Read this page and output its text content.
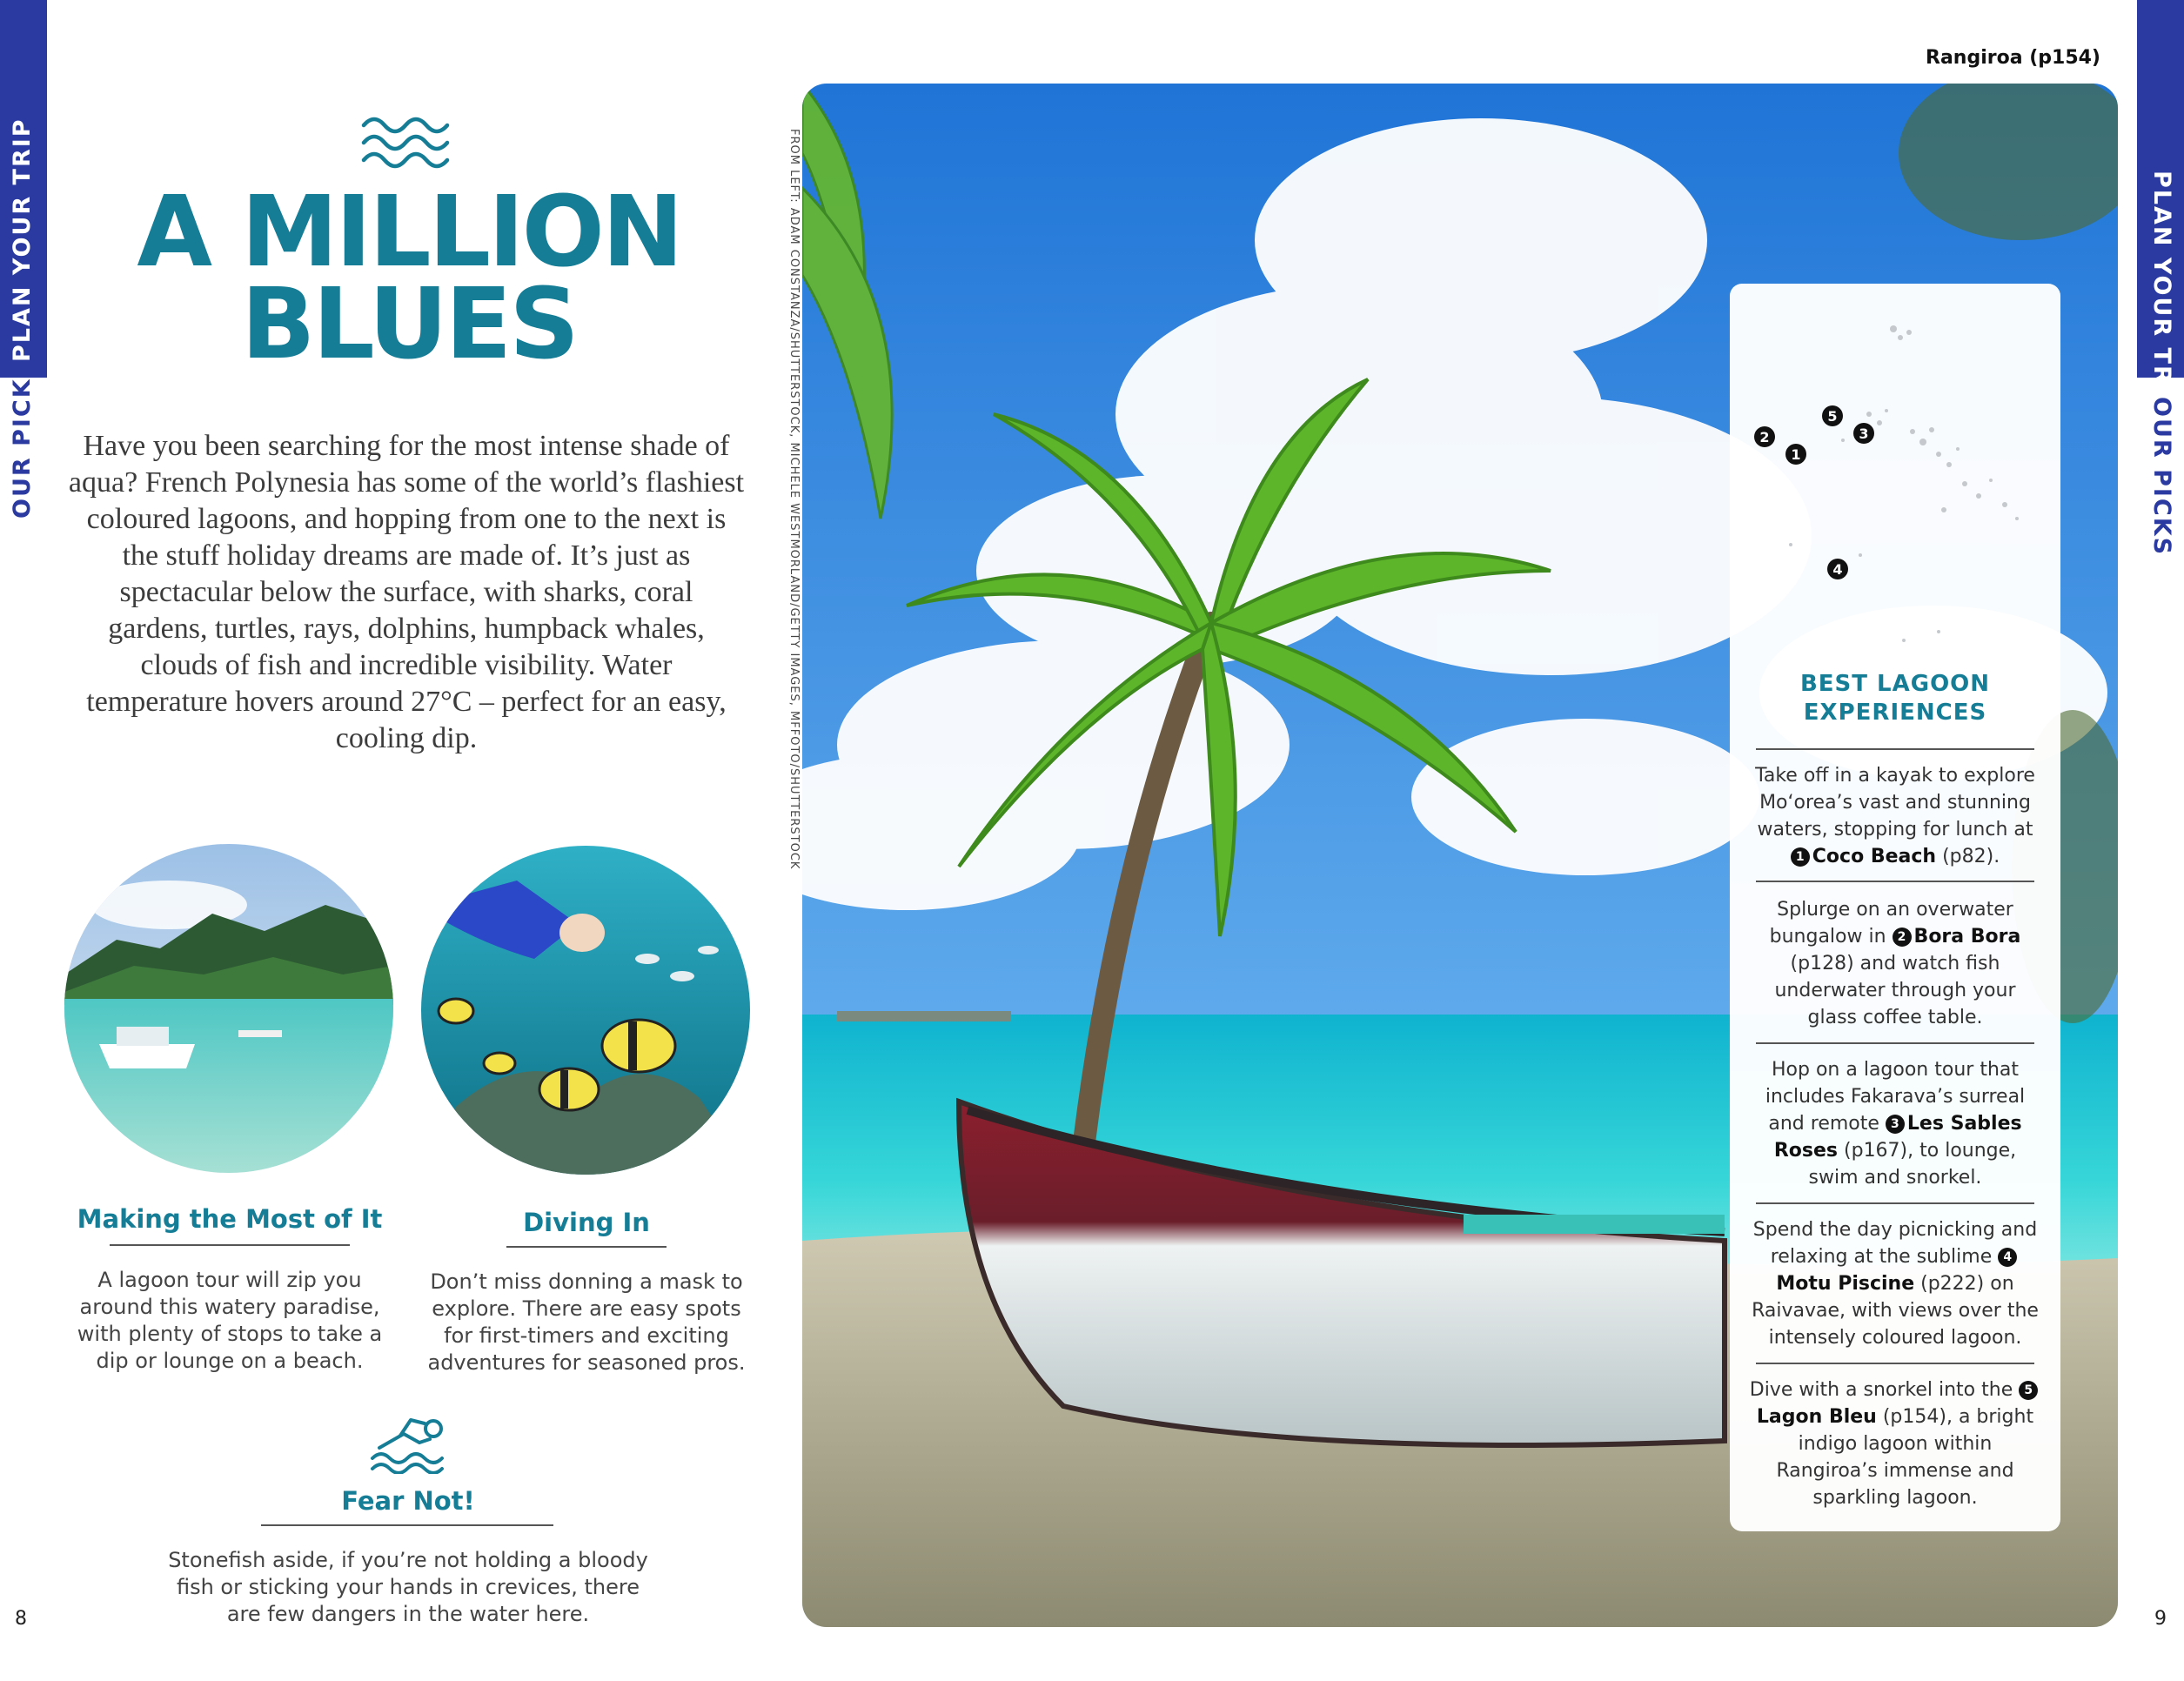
PLAN YOUR TRIP
OUR PICKS
PLAN YOUR TRIP
OUR PICKS
8	9
A MILLION
BLUES
Have you been searching for the most intense shade of aqua? French Polynesia has some of the world’s flashiest coloured lagoons, and hopping from one to the next is the stuff holiday dreams are made of. It’s just as spectacular below the surface, with sharks, coral gardens, turtles, rays, dolphins, humpback whales, clouds of fish and incredible visibility. Water temperature hovers around 27°C – perfect for an easy, cooling dip.
Making the Most of It
A lagoon tour will zip you around this watery paradise, with plenty of stops to take a dip or lounge on a beach.
Diving In
Don’t miss donning a mask to explore. There are easy spots for first-timers and exciting adventures for seasoned pros.
Fear Not!
Stonefish aside, if you’re not holding a bloody fish or sticking your hands in crevices, there are few dangers in the water here.
FROM LEFT: ADAM CONSTANZA/SHUTTERSTOCK, MICHELE WESTMORLAND/GETTY IMAGES, MFFOTO/SHUTTERSTOCK
Rangiroa (p154)
1
2	3
4
5
BEST LAGOON
EXPERIENCES
Take off in a kayak to explore Mo‘orea’s vast and stunning waters, stopping for lunch at 1 Coco Beach (p82).
Splurge on an overwater bungalow in 2 Bora Bora (p128) and watch fish underwater through your glass coffee table.
Hop on a lagoon tour that includes Fakarava’s surreal and remote 3 Les Sables Roses (p167), to lounge, swim and snorkel.
Spend the day picnicking and relaxing at the sublime 4Motu Piscine (p222) on Raivavae, with views over the intensely coloured lagoon.
Dive with a snorkel into the 5Lagon Bleu (p154), a bright indigo lagoon within Rangiroa’s immense and sparkling lagoon.
